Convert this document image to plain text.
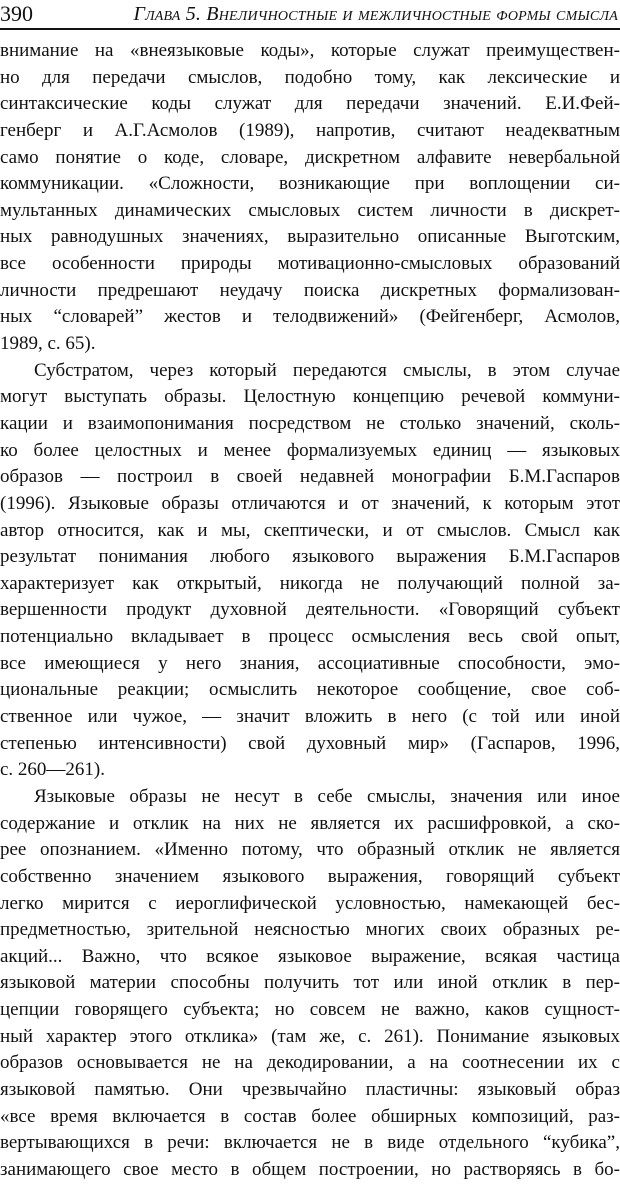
390	Глава 5. Внеличностные и межличностные формы смысла
внимание на «внеязыковые коды», которые служат преимуществен-
но для передачи смыслов, подобно тому, как лексические и
синтаксические коды служат для передачи значений. Е.И.Фей-
генберг и А.Г.Асмолов (1989), напротив, считают неадекватным
само понятие о коде, словаре, дискретном алфавите невербальной
коммуникации. «Сложности, возникающие при воплощении си-
мультанных динамических смысловых систем личности в дискрет-
ных равнодушных значениях, выразительно описанные Выготским,
все особенности природы мотивационно-смысловых образований
личности предрешают неудачу поиска дискретных формализован-
ных “словарей” жестов и телодвижений» (Фейгенберг, Асмолов,
1989, с. 65).
Субстратом, через который передаются смыслы, в этом случае
могут выступать образы. Целостную концепцию речевой коммуни-
кации и взаимопонимания посредством не столько значений, сколь-
ко более целостных и менее формализуемых единиц — языковых
образов — построил в своей недавней монографии Б.М.Гаспаров
(1996). Языковые образы отличаются и от значений, к которым этот
автор относится, как и мы, скептически, и от смыслов. Смысл как
результат понимания любого языкового выражения Б.М.Гаспаров
характеризует как открытый, никогда не получающий полной за-
вершенности продукт духовной деятельности. «Говорящий субъект
потенциально вкладывает в процесс осмысления весь свой опыт,
все имеющиеся у него знания, ассоциативные способности, эмо-
циональные реакции; осмыслить некоторое сообщение, свое соб-
ственное или чужое, — значит вложить в него (с той или иной
степенью интенсивности) свой духовный мир» (Гаспаров, 1996,
с. 260—261).
Языковые образы не несут в себе смыслы, значения или иное
содержание и отклик на них не является их расшифровкой, а ско-
рее опознанием. «Именно потому, что образный отклик не является
собственно значением языкового выражения, говорящий субъект
легко мирится с иероглифической условностью, намекающей бес-
предметностью, зрительной неясностью многих своих образных ре-
акций... Важно, что всякое языковое выражение, всякая частица
языковой материи способны получить тот или иной отклик в пер-
цепции говорящего субъекта; но совсем не важно, каков сущност-
ный характер этого отклика» (там же, с. 261). Понимание языковых
образов основывается не на декодировании, а на соотнесении их с
языковой памятью. Они чрезвычайно пластичны: языковый образ
«все время включается в состав более обширных композиций, раз-
вертывающихся в речи: включается не в виде отдельного “кубика”,
занимающего свое место в общем построении, но растворяясь в бо-
